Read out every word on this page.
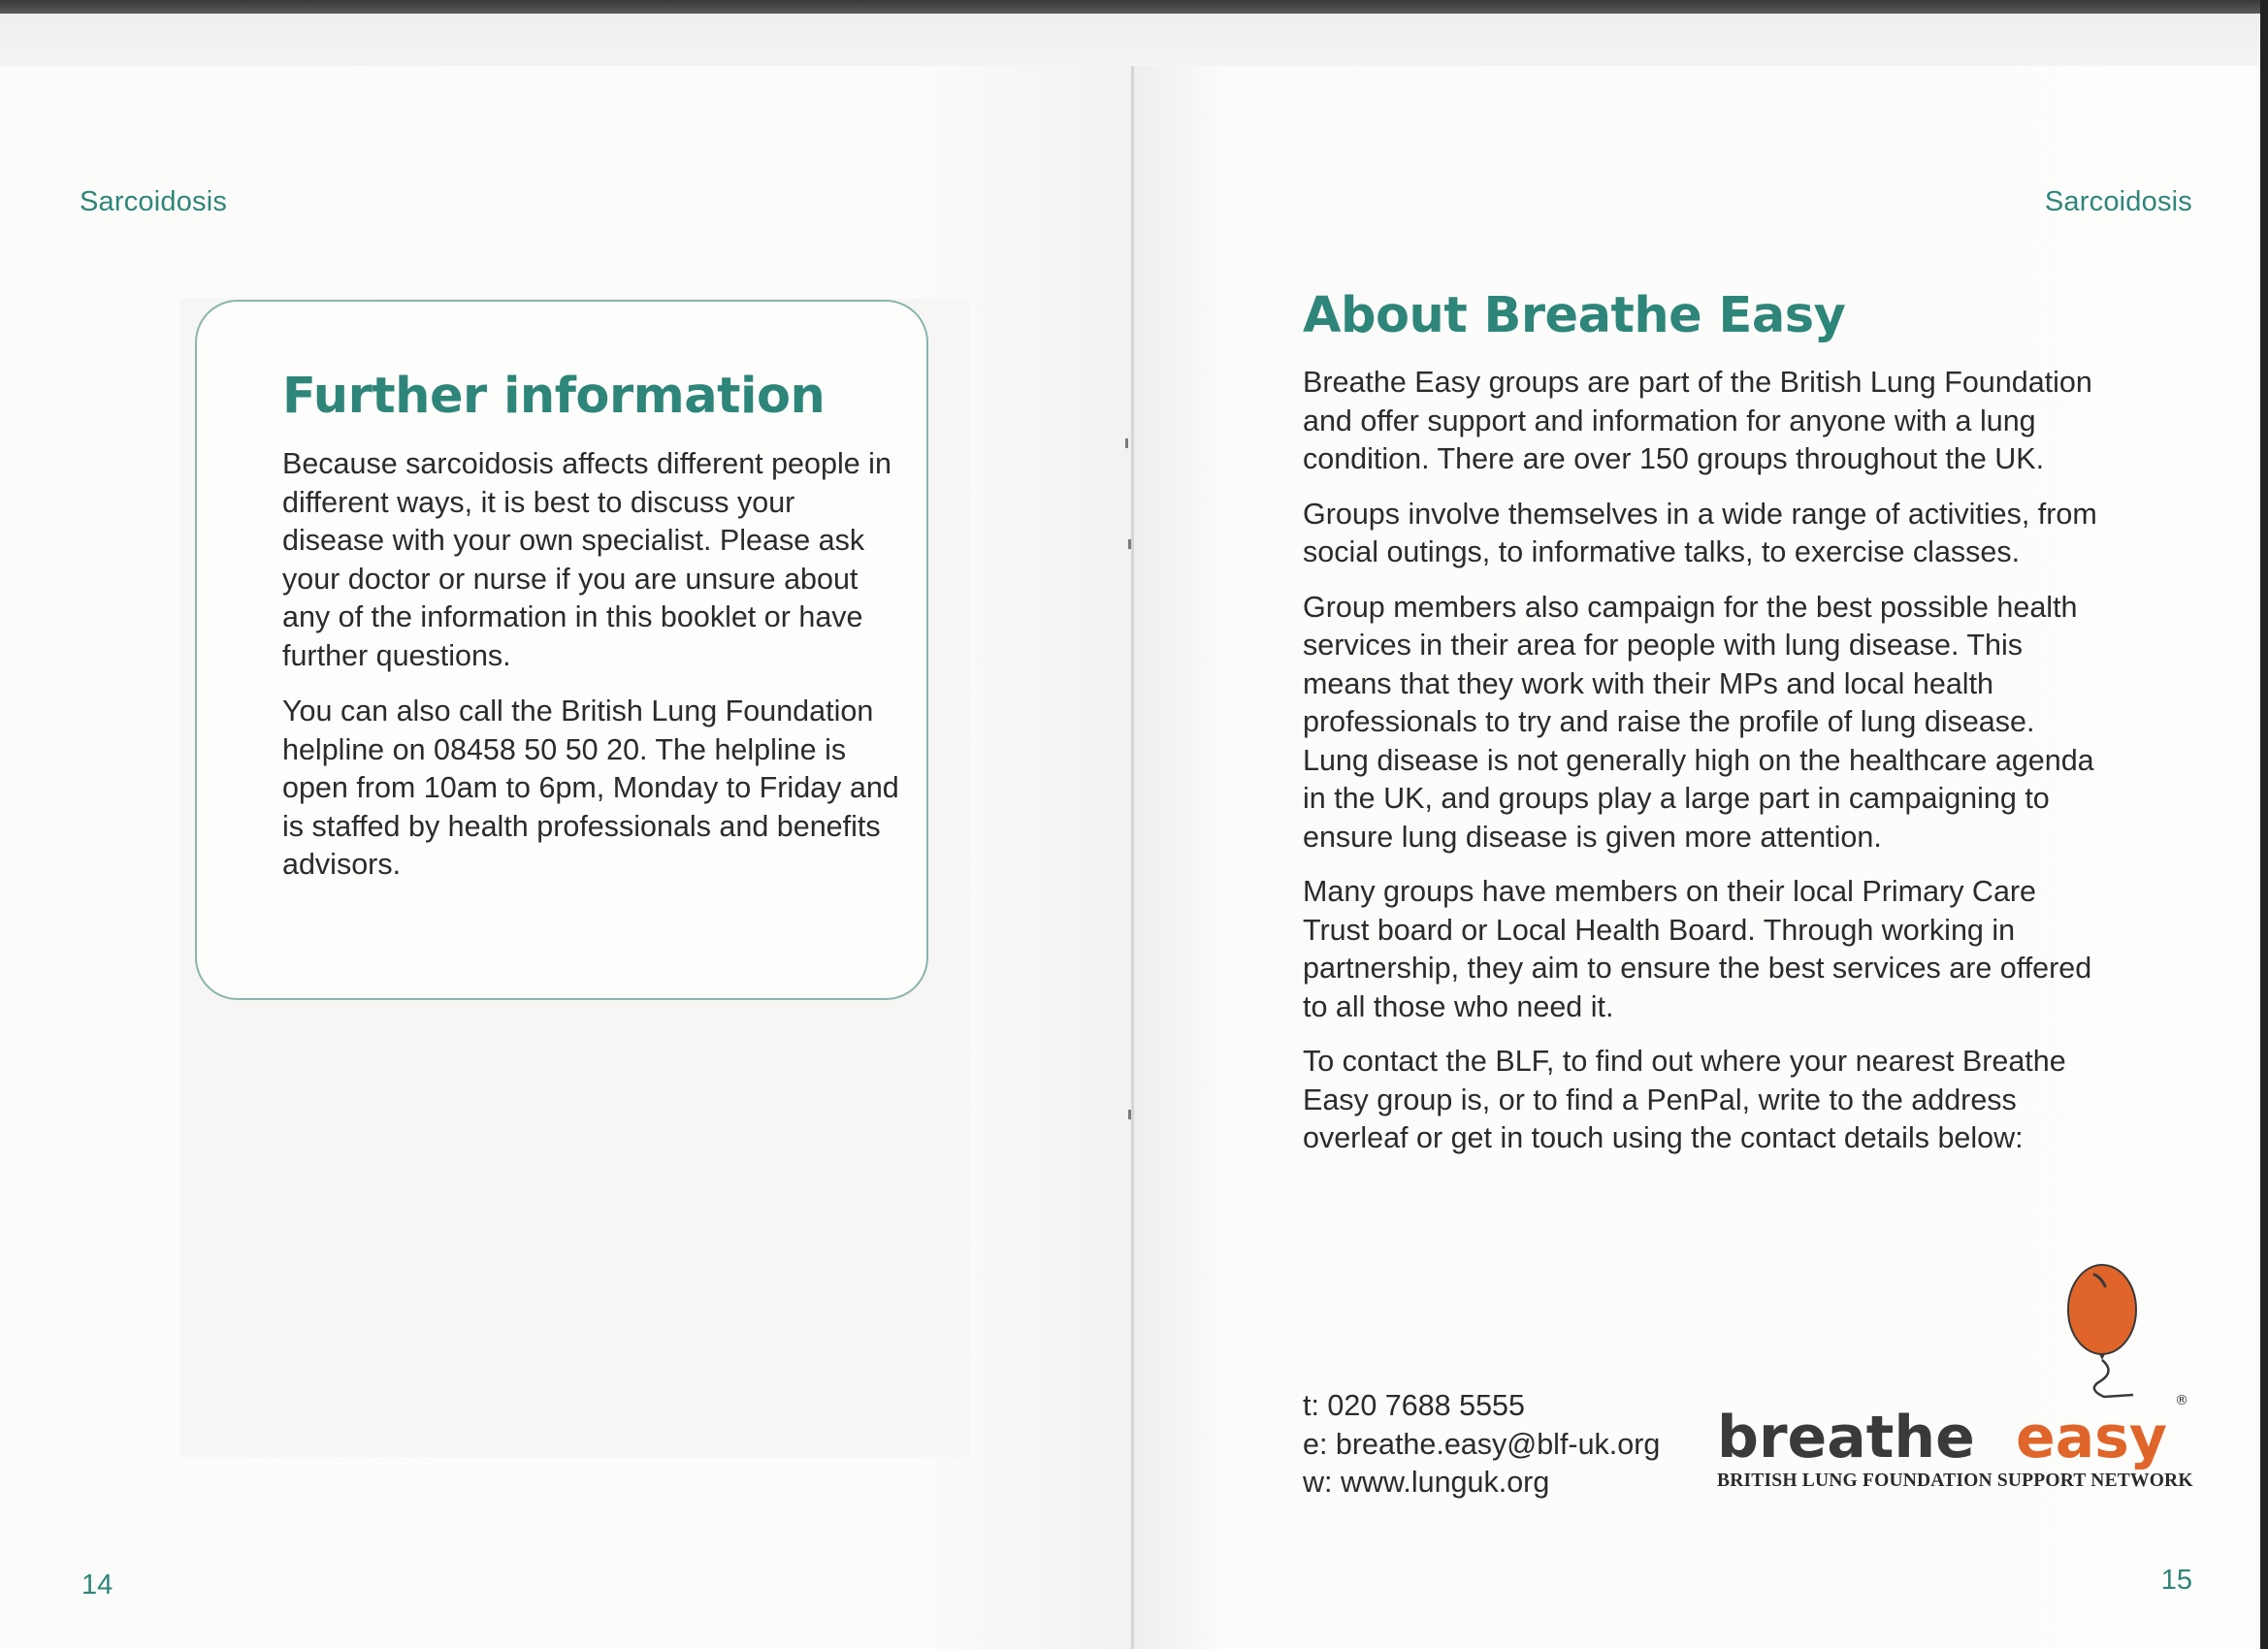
Sarcoidosis
Further information

Because sarcoidosis affects different people in different ways, it is best to discuss your disease with your own specialist. Please ask your doctor or nurse if you are unsure about any of the information in this booklet or have further questions.

You can also call the British Lung Foundation helpline on 08458 50 50 20. The helpline is open from 10am to 6pm, Monday to Friday and is staffed by health professionals and benefits advisors.

14
Sarcoidosis
About Breathe Easy

Breathe Easy groups are part of the British Lung Foundation and offer support and information for anyone with a lung condition. There are over 150 groups throughout the UK.

Groups involve themselves in a wide range of activities, from social outings, to informative talks, to exercise classes.

Group members also campaign for the best possible health services in their area for people with lung disease. This means that they work with their MPs and local health professionals to try and raise the profile of lung disease. Lung disease is not generally high on the healthcare agenda in the UK, and groups play a large part in campaigning to ensure lung disease is given more attention.

Many groups have members on their local Primary Care Trust board or Local Health Board. Through working in partnership, they aim to ensure the best services are offered to all those who need it.

To contact the BLF, to find out where your nearest Breathe Easy group is, or to find a PenPal, write to the address overleaf or get in touch using the contact details below:

t: 020 7688 5555
e: breathe.easy@blf-uk.org
w: www.lunguk.org
breathe easy
®
BRITISH LUNG FOUNDATION SUPPORT NETWORK
15
